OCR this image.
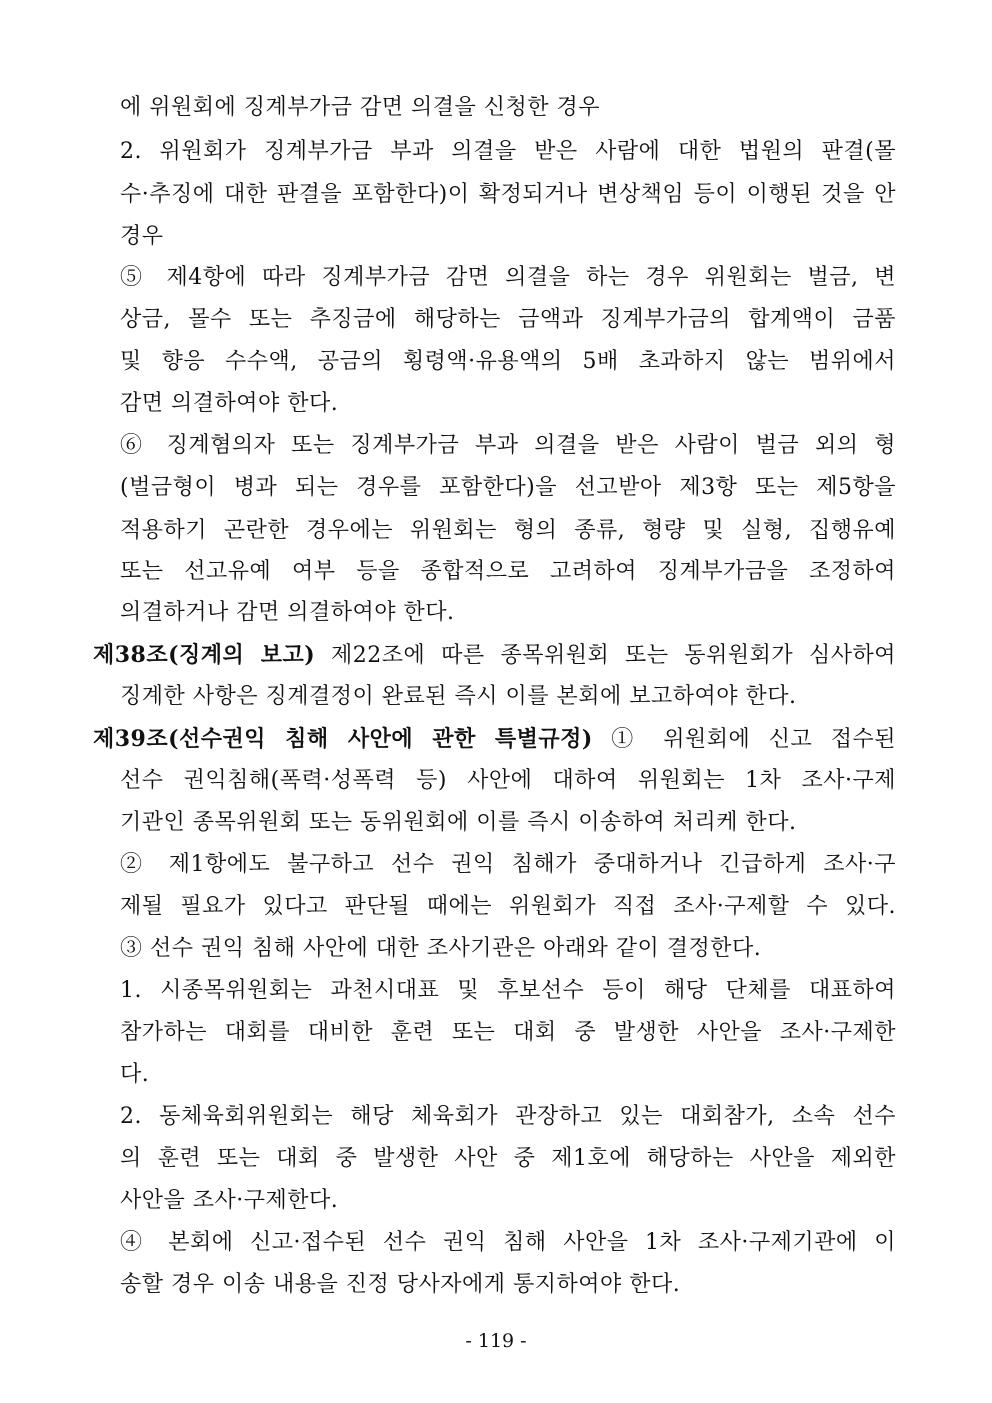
에 위원회에 징계부가금 감면 의결을 신청한 경우
2. 위원회가 징계부가금 부과 의결을 받은 사람에 대한 법원의 판결(몰
수·추징에 대한 판결을 포함한다)이 확정되거나 변상책임 등이 이행된 것을 안
경우
⑤ 제4항에 따라 징계부가금 감면 의결을 하는 경우 위원회는 벌금, 변
상금, 몰수 또는 추징금에 해당하는 금액과 징계부가금의 합계액이 금품
및 향응 수수액, 공금의 횡령액·유용액의 5배 초과하지 않는 범위에서
감면 의결하여야 한다.
⑥ 징계혐의자 또는 징계부가금 부과 의결을 받은 사람이 벌금 외의 형
(벌금형이 병과 되는 경우를 포함한다)을 선고받아 제3항 또는 제5항을
적용하기 곤란한 경우에는 위원회는 형의 종류, 형량 및 실형, 집행유예
또는 선고유예 여부 등을 종합적으로 고려하여 징계부가금을 조정하여
의결하거나 감면 의결하여야 한다.
제38조(징계의 보고) 제22조에 따른 종목위원회 또는 동위원회가 심사하여
징계한 사항은 징계결정이 완료된 즉시 이를 본회에 보고하여야 한다.
제39조(선수권익 침해 사안에 관한 특별규정) ① 위원회에 신고 접수된
선수 권익침해(폭력·성폭력 등) 사안에 대하여 위원회는 1차 조사·구제
기관인 종목위원회 또는 동위원회에 이를 즉시 이송하여 처리케 한다.
② 제1항에도 불구하고 선수 권익 침해가 중대하거나 긴급하게 조사·구
제될 필요가 있다고 판단될 때에는 위원회가 직접 조사·구제할 수 있다.
③ 선수 권익 침해 사안에 대한 조사기관은 아래와 같이 결정한다.
1. 시종목위원회는 과천시대표 및 후보선수 등이 해당 단체를 대표하여
참가하는 대회를 대비한 훈련 또는 대회 중 발생한 사안을 조사·구제한
다.
2. 동체육회위원회는 해당 체육회가 관장하고 있는 대회참가, 소속 선수
의 훈련 또는 대회 중 발생한 사안 중 제1호에 해당하는 사안을 제외한
사안을 조사·구제한다.
④ 본회에 신고·접수된 선수 권익 침해 사안을 1차 조사·구제기관에 이
송할 경우 이송 내용을 진정 당사자에게 통지하여야 한다.
- 119 -
